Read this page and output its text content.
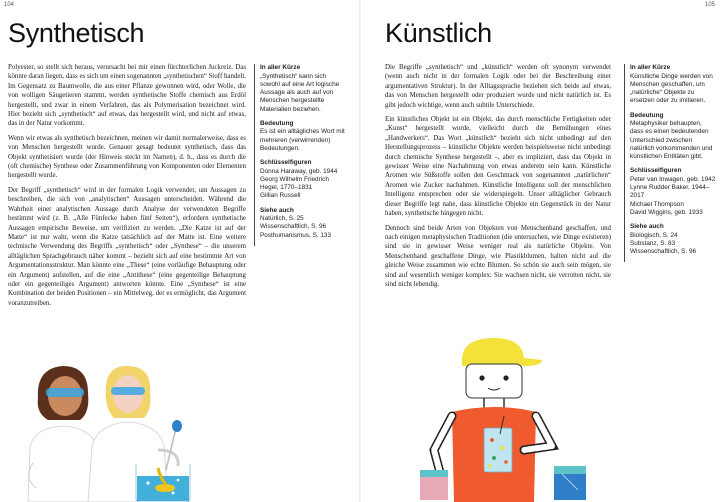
104
Synthetisch

Polyester, so stellt sich heraus, verursacht bei mir einen fürchterlichen Juckreiz. Das könnte daran liegen, dass es sich um einen sogenannten „synthetischen“ Stoff handelt. Im Gegensatz zu Baumwolle, die aus einer Pflanze gewonnen wird, oder Wolle, die von wolligen Säugetieren stammt, werden synthetische Stoffe chemisch aus Erdöl hergestellt, und zwar in einem Verfahren, das als Polymerisation bezeichnet wird. Hier bezieht sich „synthetisch“ auf etwas, das hergestellt wird, und nicht auf etwas, das in der Natur vorkommt.

Wenn wir etwas als synthetisch bezeichnen, meinen wir damit normalerweise, dass es von Menschen hergestellt wurde. Genauer gesagt bedeutet synthetisch, dass das Objekt synthetisiert wurde (der Hinweis steckt im Namen), d. h., dass es durch die (oft chemische) Synthese oder Zusammenführung von Komponenten oder Elementen hergestellt wurde.

Der Begriff „synthetisch“ wird in der formalen Logik verwendet, um Aussagen zu beschreiben, die sich von „analytischen“ Aussagen unterscheiden. Während die Wahrheit einer analytischen Aussage durch Analyse der verwendeten Begriffe bestimmt wird (z. B. „Alle Fünfecke haben fünf Seiten“), erfordern synthetische Aussagen empirische Beweise, um verifiziert zu werden. „Die Katze ist auf der Matte“ ist nur wahr, wenn die Katze tatsächlich auf der Matte ist. Eine weitere technische Verwendung des Begriffs „synthetisch“ oder „Synthese“ – die unserem alltäglichen Sprachgebrauch näher kommt – bezieht sich auf eine bestimmte Art von Argumentationsstruktur. Man könnte eine „These“ (eine vorläufige Behauptung oder ein Argument) aufstellen, auf die eine „Antithese“ (eine gegenteilige Behauptung oder ein gegenteiliges Argument) antworten könnte. Eine „Synthese“ ist eine Kombination der beiden Positionen – ein Mittelweg, der es ermöglicht, das Argument voranzutreiben.

In aller Kürze
„Synthetisch“ kann sich sowohl auf eine Art logische Aussage als auch auf von Menschen hergestellte Materialien beziehen.
Bedeutung
Es ist ein alltägliches Wort mit mehreren (verwirrenden) Bedeutungen.
Schlüsselfiguren
Donna Haraway, geb. 1944
Georg Wilhelm Friedrich Hegel, 1770–1831
Gillian Russell
Siehe auch
Natürlich, S. 25
Wissenschaftlich, S. 96
Posthumanismus, S. 133
105
Künstlich

Die Begriffe „synthetisch“ und „künstlich“ werden oft synonym verwendet (wenn auch nicht in der formalen Logik oder bei der Beschreibung einer argumentativen Struktur). In der Alltagssprache beziehen sich beide auf etwas, das von Menschen hergestellt oder produziert wurde und nicht natürlich ist. Es gibt jedoch wichtige, wenn auch subtile Unterschiede.

Ein künstliches Objekt ist ein Objekt, das durch menschliche Fertigkeiten oder „Kunst“ hergestellt wurde, vielleicht durch die Bemühungen eines „Handwerkers“. Das Wort „künstlich“ bezieht sich nicht unbedingt auf den Herstellungsprozess – künstliche Objekte werden beispielsweise nicht unbedingt durch chemische Synthese hergestellt –, aber es impliziert, dass das Objekt in gewisser Weise eine Nachahmung von etwas anderem sein kann. Künstliche Aromen wie Süßstoffe sollen den Geschmack von sogenannten „natürlichen“ Aromen wie Zucker nachahmen. Künstliche Intelligenz soll der menschlichen Intelligenz entsprechen oder sie widerspiegeln. Unser alltäglicher Gebrauch dieser Begriffe legt nahe, dass künstliche Objekte ein Gegenstück in der Natur haben, synthetische hingegen nicht.

Dennoch sind beide Arten von Objekten von Menschenhand geschaffen, und nach einigen metaphysischen Traditionen (die untersuchen, wie Dinge existieren) sind sie in gewisser Weise weniger real als natürliche Objekte. Von Menschenhand geschaffene Dinge, wie Plastikblumen, halten nicht auf die gleiche Weise zusammen wie echte Blumen. So schön sie auch sein mögen, sie sind auf wesentlich weniger komplex: Sie wachsen nicht, sie verrotten nicht, sie sind nicht lebendig.

In aller Kürze
Künstliche Dinge werden von Menschen geschaffen, um „natürliche“ Objekte zu ersetzen oder zu imitieren.
Bedeutung
Metaphysiker behaupten, dass es einen bedeutenden Unterschied zwischen natürlich vorkommenden und künstlichen Entitäten gibt.
Schlüsselfiguren
Peter van Inwagen, geb. 1942
Lynne Rudder Baker, 1944–2017
Michael Thompson
David Wiggins, geb. 1933
Siehe auch
Biologisch, S. 24
Substanz, S. 83
Wissenschaftlich, S. 96
